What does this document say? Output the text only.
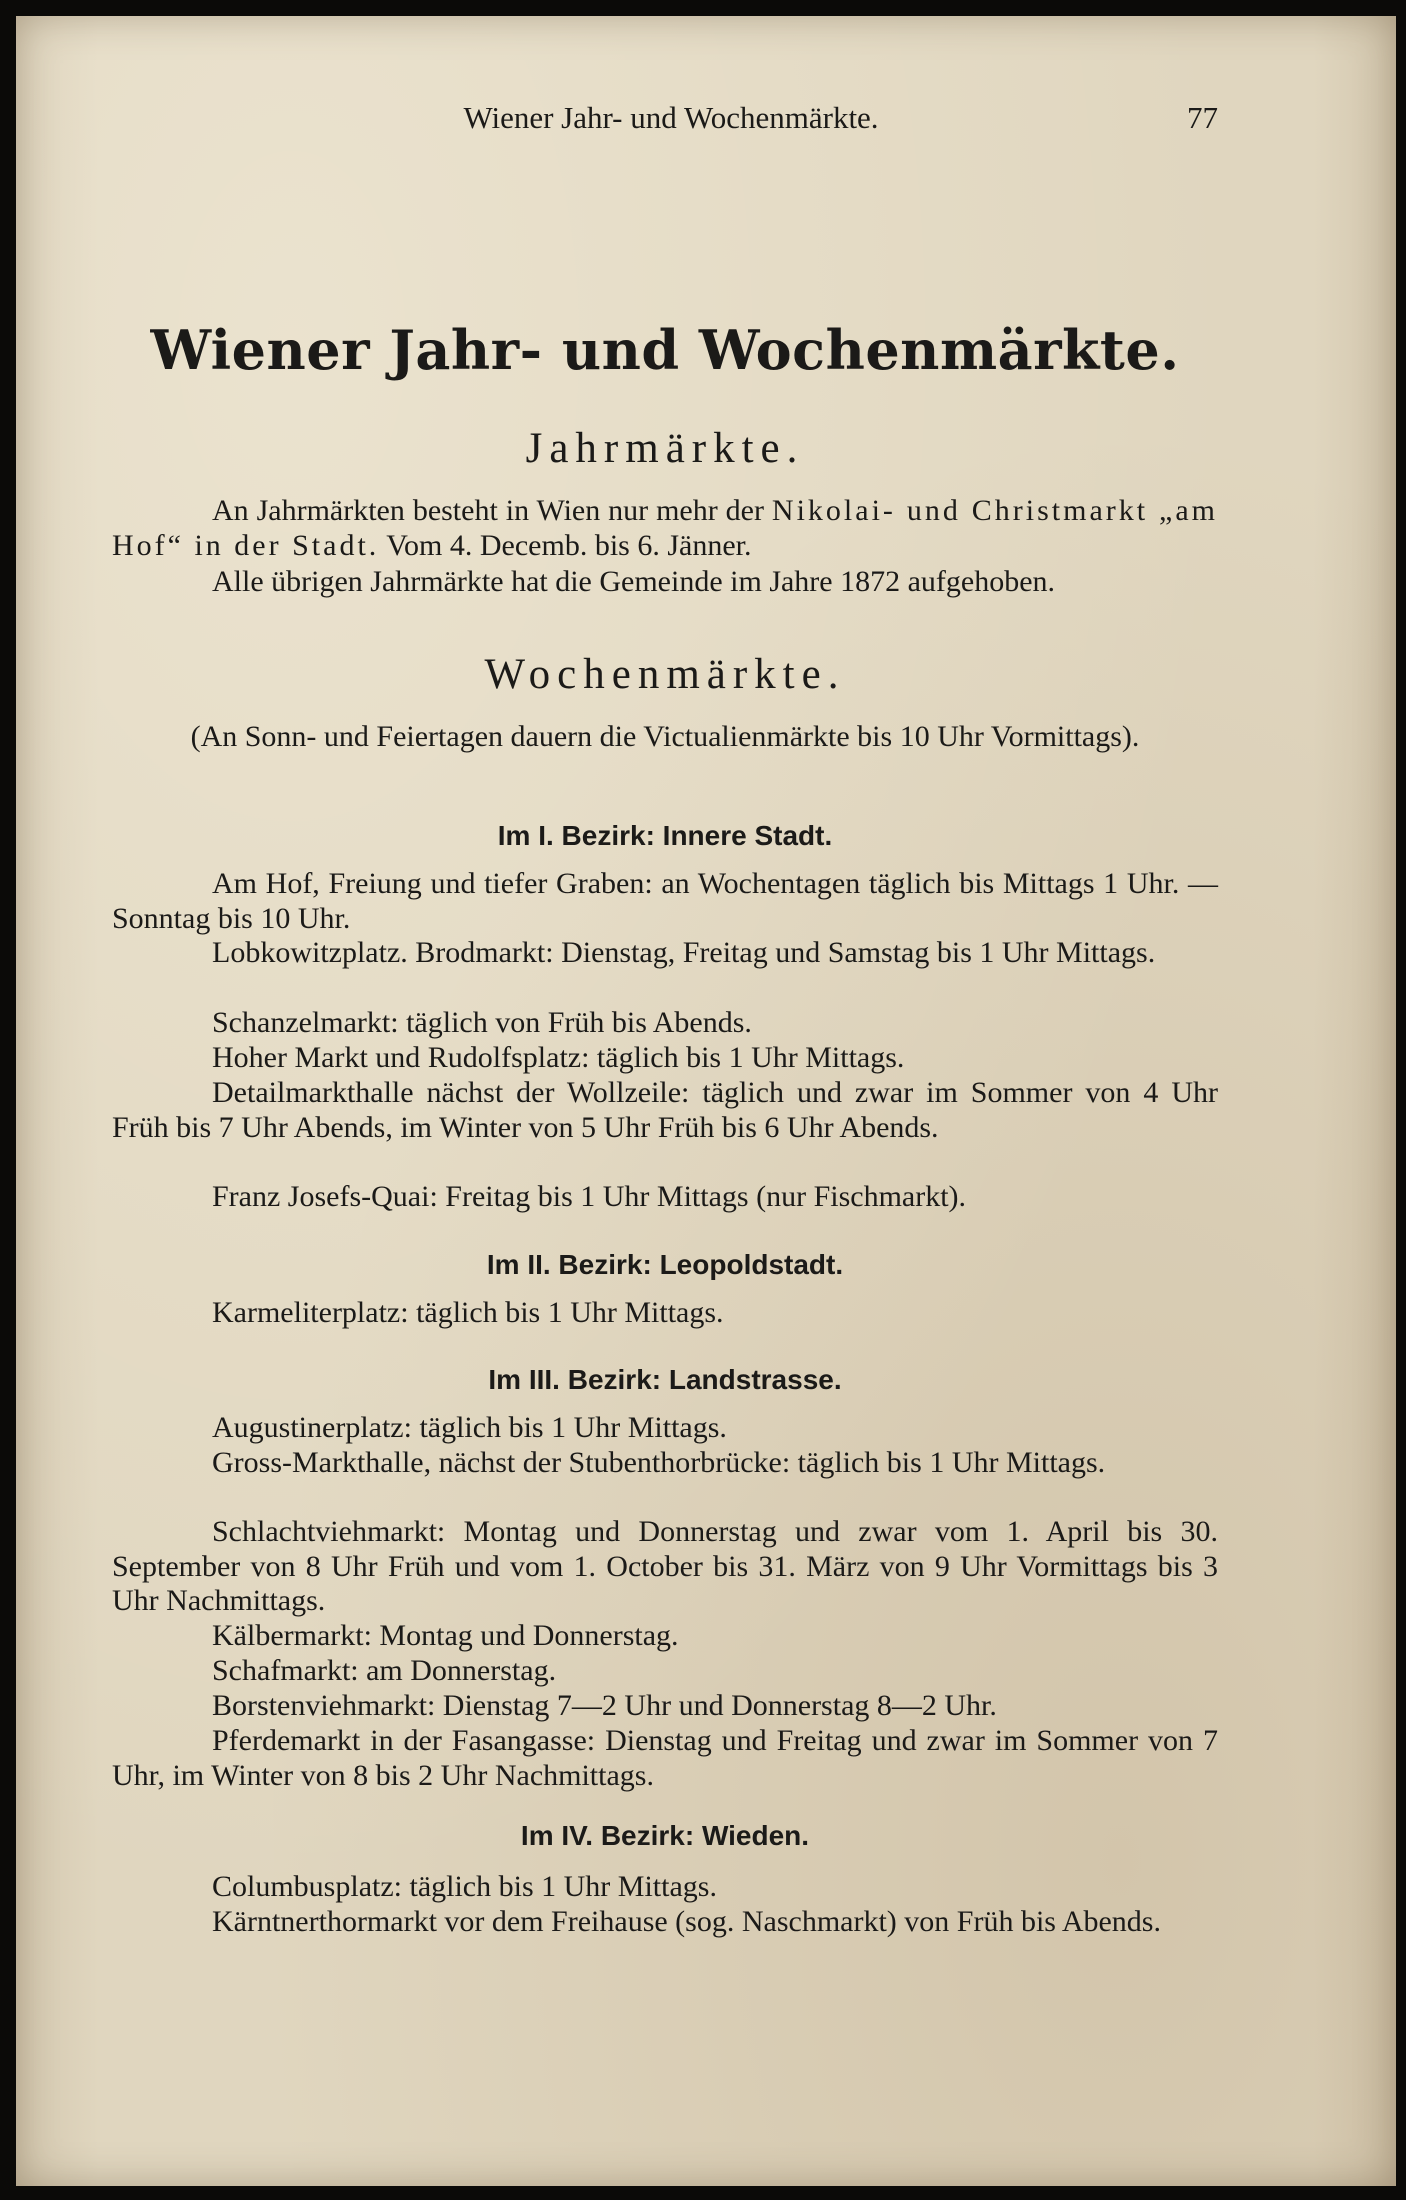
Wiener Jahr- und Wochenmärkte.	77
Wiener Jahr- und Wochenmärkte.
Jahrmärkte.

An Jahrmärkten besteht in Wien nur mehr der Nikolai- und Christmarkt „am Hof“ in der Stadt. Vom 4. Decemb. bis 6. Jänner.

Alle übrigen Jahrmärkte hat die Gemeinde im Jahre 1872 aufgehoben.

Wochenmärkte.

(An Sonn- und Feiertagen dauern die Victualienmärkte bis 10 Uhr Vormittags).

Im I. Bezirk: Innere Stadt.

Am Hof, Freiung und tiefer Graben: an Wochentagen täglich bis Mittags 1 Uhr. — Sonntag bis 10 Uhr.

Lobkowitzplatz. Brodmarkt: Dienstag, Freitag und Samstag bis 1 Uhr Mittags.

Schanzelmarkt: täglich von Früh bis Abends.

Hoher Markt und Rudolfsplatz: täglich bis 1 Uhr Mittags.

Detailmarkthalle nächst der Wollzeile: täglich und zwar im Sommer von 4 Uhr Früh bis 7 Uhr Abends, im Winter von 5 Uhr Früh bis 6 Uhr Abends.

Franz Josefs-Quai: Freitag bis 1 Uhr Mittags (nur Fischmarkt).

Im II. Bezirk: Leopoldstadt.

Karmeliterplatz: täglich bis 1 Uhr Mittags.

Im III. Bezirk: Landstrasse.

Augustinerplatz: täglich bis 1 Uhr Mittags.

Gross-Markthalle, nächst der Stubenthorbrücke: täglich bis 1 Uhr Mittags.

Schlachtviehmarkt: Montag und Donnerstag und zwar vom 1. April bis 30. September von 8 Uhr Früh und vom 1. October bis 31. März von 9 Uhr Vormittags bis 3 Uhr Nachmittags.

Kälbermarkt: Montag und Donnerstag.

Schafmarkt: am Donnerstag.

Borstenviehmarkt: Dienstag 7—2 Uhr und Donnerstag 8—2 Uhr.

Pferdemarkt in der Fasangasse: Dienstag und Freitag und zwar im Sommer von 7 Uhr, im Winter von 8 bis 2 Uhr Nachmittags.

Im IV. Bezirk: Wieden.

Columbusplatz: täglich bis 1 Uhr Mittags.

Kärntnerthormarkt vor dem Freihause (sog. Naschmarkt) von Früh bis Abends.
